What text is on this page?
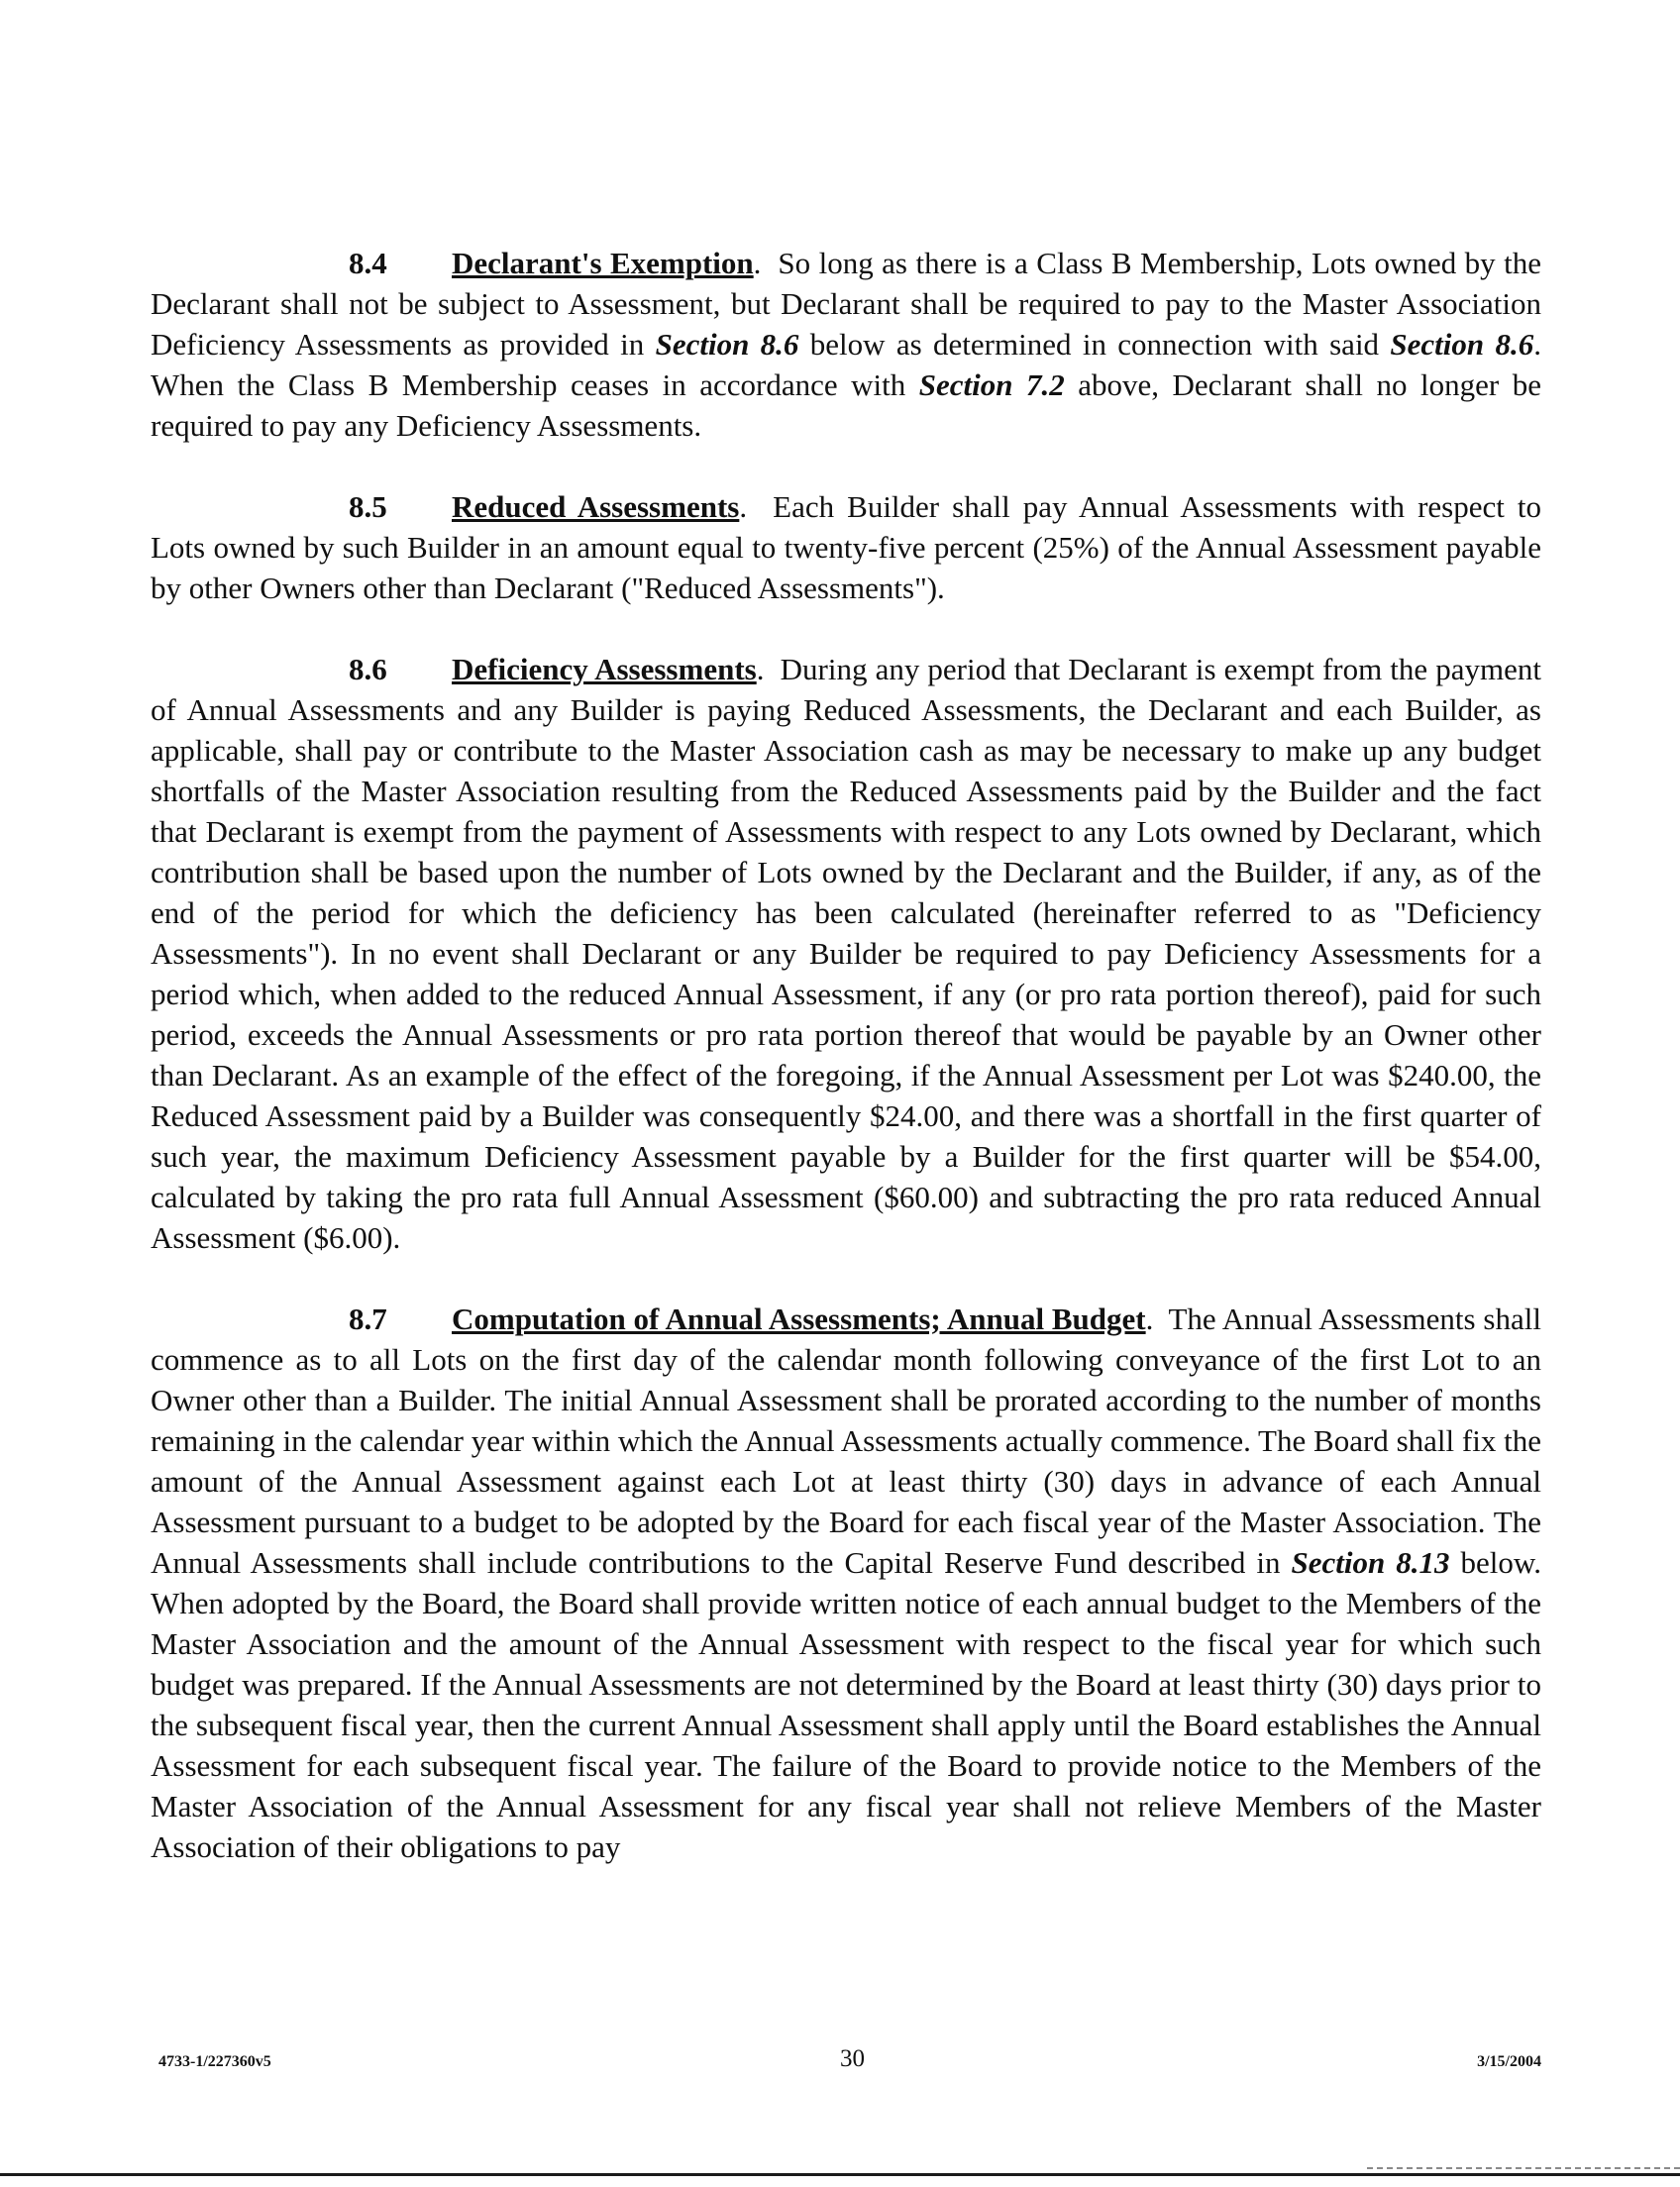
8.4 Declarant's Exemption.  So long as there is a Class B Membership, Lots owned by the Declarant shall not be subject to Assessment, but Declarant shall be required to pay to the Master Association Deficiency Assessments as provided in Section 8.6 below as determined in connection with said Section 8.6. When the Class B Membership ceases in accordance with Section 7.2 above, Declarant shall no longer be required to pay any Deficiency Assessments.

8.5 Reduced Assessments.  Each Builder shall pay Annual Assessments with respect to Lots owned by such Builder in an amount equal to twenty-five percent (25%) of the Annual Assessment payable by other Owners other than Declarant ("Reduced Assessments").

8.6 Deficiency Assessments.  During any period that Declarant is exempt from the payment of Annual Assessments and any Builder is paying Reduced Assessments, the Declarant and each Builder, as applicable, shall pay or contribute to the Master Association cash as may be necessary to make up any budget shortfalls of the Master Association resulting from the Reduced Assessments paid by the Builder and the fact that Declarant is exempt from the payment of Assessments with respect to any Lots owned by Declarant, which contribution shall be based upon the number of Lots owned by the Declarant and the Builder, if any, as of the end of the period for which the deficiency has been calculated (hereinafter referred to as "Deficiency Assessments"). In no event shall Declarant or any Builder be required to pay Deficiency Assessments for a period which, when added to the reduced Annual Assessment, if any (or pro rata portion thereof), paid for such period, exceeds the Annual Assessments or pro rata portion thereof that would be payable by an Owner other than Declarant. As an example of the effect of the foregoing, if the Annual Assessment per Lot was $240.00, the Reduced Assessment paid by a Builder was consequently $24.00, and there was a shortfall in the first quarter of such year, the maximum Deficiency Assessment payable by a Builder for the first quarter will be $54.00, calculated by taking the pro rata full Annual Assessment ($60.00) and subtracting the pro rata reduced Annual Assessment ($6.00).

8.7 Computation of Annual Assessments; Annual Budget.  The Annual Assessments shall commence as to all Lots on the first day of the calendar month following conveyance of the first Lot to an Owner other than a Builder. The initial Annual Assessment shall be prorated according to the number of months remaining in the calendar year within which the Annual Assessments actually commence. The Board shall fix the amount of the Annual Assessment against each Lot at least thirty (30) days in advance of each Annual Assessment pursuant to a budget to be adopted by the Board for each fiscal year of the Master Association. The Annual Assessments shall include contributions to the Capital Reserve Fund described in Section 8.13 below. When adopted by the Board, the Board shall provide written notice of each annual budget to the Members of the Master Association and the amount of the Annual Assessment with respect to the fiscal year for which such budget was prepared. If the Annual Assessments are not determined by the Board at least thirty (30) days prior to the subsequent fiscal year, then the current Annual Assessment shall apply until the Board establishes the Annual Assessment for each subsequent fiscal year. The failure of the Board to provide notice to the Members of the Master Association of the Annual Assessment for any fiscal year shall not relieve Members of the Master Association of their obligations to pay

4733-1/227360v5	30	3/15/2004
